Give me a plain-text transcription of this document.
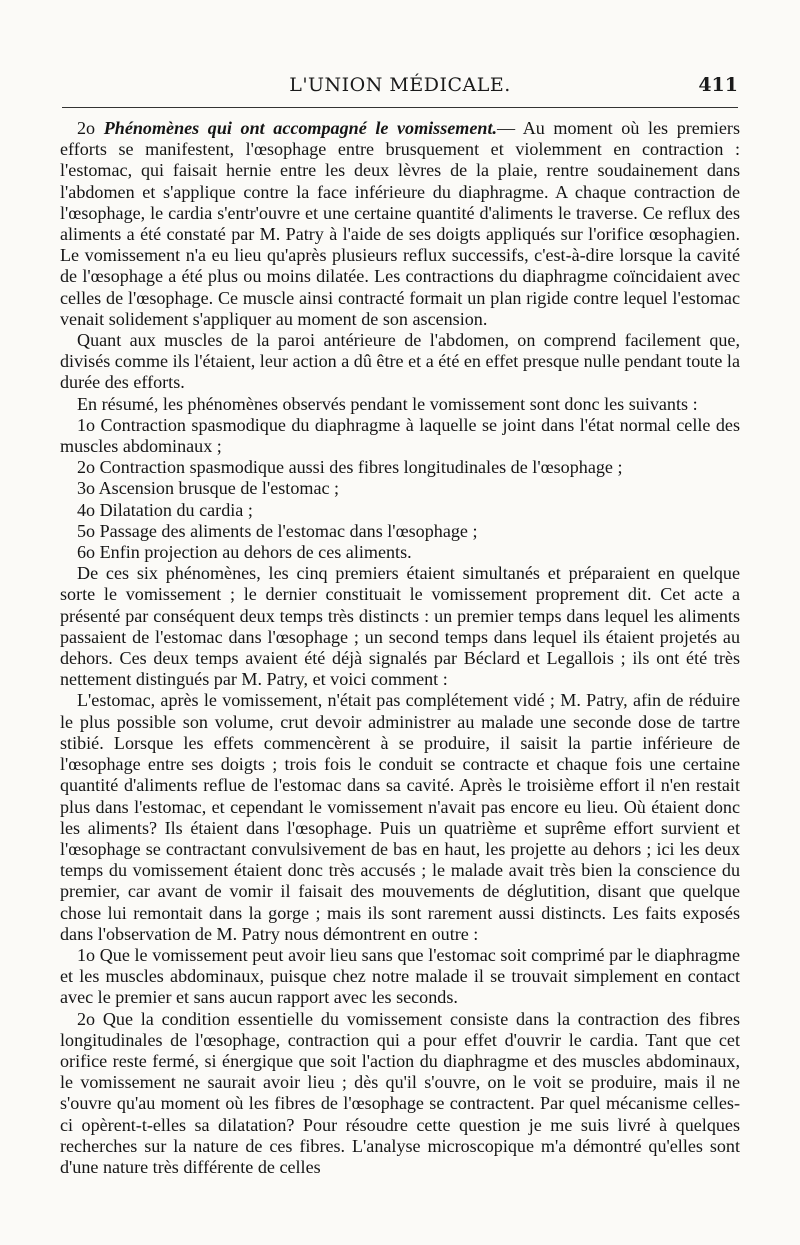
L'UNION MÉDICALE.	411

2o Phénomènes qui ont accompagné le vomissement.— Au moment où les premiers efforts se manifestent, l'œsophage entre brusquement et violemment en contraction : l'estomac, qui faisait hernie entre les deux lèvres de la plaie, rentre soudainement dans l'abdomen et s'applique contre la face inférieure du diaphragme. A chaque contraction de l'œsophage, le cardia s'entr'ouvre et une certaine quantité d'aliments le traverse. Ce reflux des aliments a été constaté par M. Patry à l'aide de ses doigts appliqués sur l'orifice œsophagien. Le vomissement n'a eu lieu qu'après plusieurs reflux successifs, c'est-à-dire lorsque la cavité de l'œsophage a été plus ou moins dilatée. Les contractions du diaphragme coïncidaient avec celles de l'œsophage. Ce muscle ainsi contracté formait un plan rigide contre lequel l'estomac venait solidement s'appliquer au moment de son ascension.

Quant aux muscles de la paroi antérieure de l'abdomen, on comprend facilement que, divisés comme ils l'étaient, leur action a dû être et a été en effet presque nulle pendant toute la durée des efforts.

En résumé, les phénomènes observés pendant le vomissement sont donc les suivants :

1o Contraction spasmodique du diaphragme à laquelle se joint dans l'état normal celle des muscles abdominaux ;

2o Contraction spasmodique aussi des fibres longitudinales de l'œsophage ;

3o Ascension brusque de l'estomac ;

4o Dilatation du cardia ;

5o Passage des aliments de l'estomac dans l'œsophage ;

6o Enfin projection au dehors de ces aliments.

De ces six phénomènes, les cinq premiers étaient simultanés et préparaient en quelque sorte le vomissement ; le dernier constituait le vomissement proprement dit. Cet acte a présenté par conséquent deux temps très distincts : un premier temps dans lequel les aliments passaient de l'estomac dans l'œsophage ; un second temps dans lequel ils étaient projetés au dehors. Ces deux temps avaient été déjà signalés par Béclard et Legallois ; ils ont été très nettement distingués par M. Patry, et voici comment :

L'estomac, après le vomissement, n'était pas complétement vidé ; M. Patry, afin de réduire le plus possible son volume, crut devoir administrer au malade une seconde dose de tartre stibié. Lorsque les effets commencèrent à se produire, il saisit la partie inférieure de l'œsophage entre ses doigts ; trois fois le conduit se contracte et chaque fois une certaine quantité d'aliments reflue de l'estomac dans sa cavité. Après le troisième effort il n'en restait plus dans l'estomac, et cependant le vomissement n'avait pas encore eu lieu. Où étaient donc les aliments? Ils étaient dans l'œsophage. Puis un quatrième et suprême effort survient et l'œsophage se contractant convulsivement de bas en haut, les projette au dehors ; ici les deux temps du vomissement étaient donc très accusés ; le malade avait très bien la conscience du premier, car avant de vomir il faisait des mouvements de déglutition, disant que quelque chose lui remontait dans la gorge ; mais ils sont rarement aussi distincts. Les faits exposés dans l'observation de M. Patry nous démontrent en outre :

1o Que le vomissement peut avoir lieu sans que l'estomac soit comprimé par le diaphragme et les muscles abdominaux, puisque chez notre malade il se trouvait simplement en contact avec le premier et sans aucun rapport avec les seconds.

2o Que la condition essentielle du vomissement consiste dans la contraction des fibres longitudinales de l'œsophage, contraction qui a pour effet d'ouvrir le cardia. Tant que cet orifice reste fermé, si énergique que soit l'action du diaphragme et des muscles abdominaux, le vomissement ne saurait avoir lieu ; dès qu'il s'ouvre, on le voit se produire, mais il ne s'ouvre qu'au moment où les fibres de l'œsophage se contractent. Par quel mécanisme celles-ci opèrent-t-elles sa dilatation? Pour résoudre cette question je me suis livré à quelques recherches sur la nature de ces fibres. L'analyse microscopique m'a démontré qu'elles sont d'une nature très différente de celles
